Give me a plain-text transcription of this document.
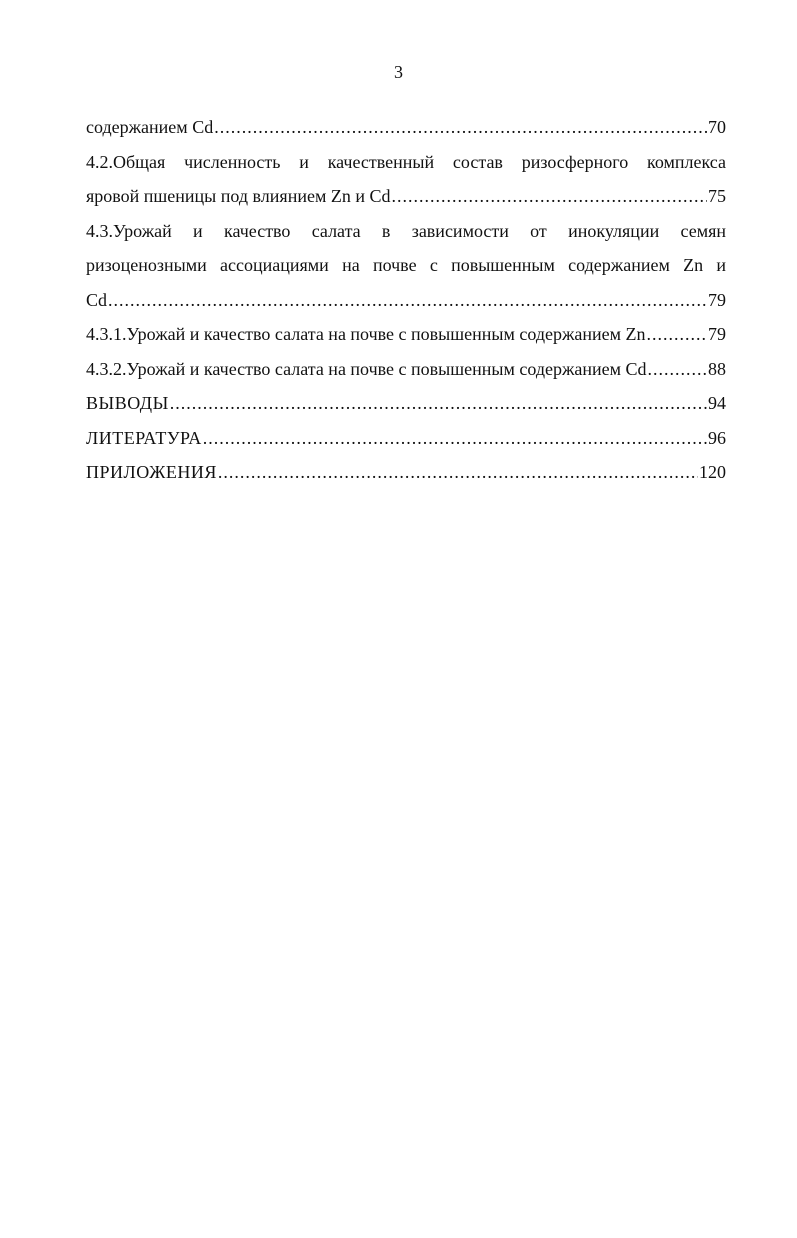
3
содержанием Cd .....	70
4.2.Общая численность и качественный состав ризосферного комплекса
яровой пшеницы под влиянием Zn и Cd .....	75
4.3.Урожай и качество салата в зависимости от инокуляции семян
ризоценозными ассоциациями на почве с повышенным содержанием Zn и
Cd .....	79
4.3.1.Урожай и качество салата на почве с повышенным содержанием Zn .....	79
4.3.2.Урожай и качество салата на почве с повышенным содержанием Cd .....	88
ВЫВОДЫ .....	94
ЛИТЕРАТУРА .....	96
ПРИЛОЖЕНИЯ .....	120
